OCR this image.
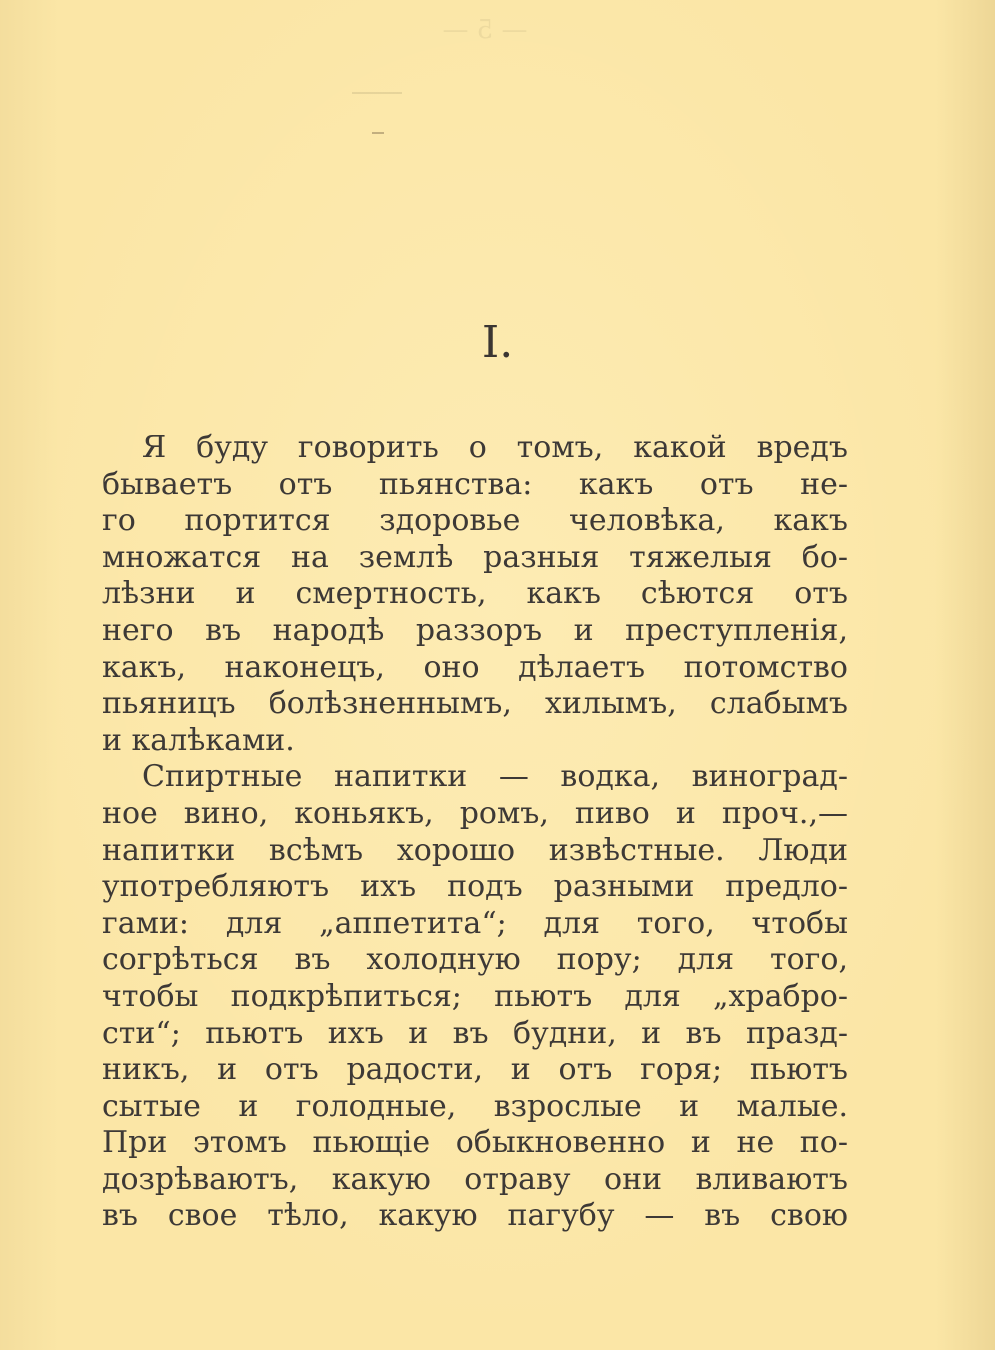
— 5 —
I.
Я буду говорить о томъ, какой вредъ
бываетъ отъ пьянства: какъ отъ не-
го портится здоровье человѣка, какъ
множатся на землѣ разныя тяжелыя бо-
лѣзни и смертность, какъ сѣются отъ
него въ народѣ раззоръ и преступленія,
какъ, наконецъ, оно дѣлаетъ потомство
пьяницъ болѣзненнымъ, хилымъ, слабымъ
и калѣками.
Спиртные напитки — водка, виноград-
ное вино, коньякъ, ромъ, пиво и проч.,—
напитки всѣмъ хорошо извѣстные. Люди
употребляютъ ихъ подъ разными предло-
гами: для „аппетита“; для того, чтобы
согрѣться въ холодную пору; для того,
чтобы подкрѣпиться; пьютъ для „храбро-
сти“; пьютъ ихъ и въ будни, и въ празд-
никъ, и отъ радости, и отъ горя; пьютъ
сытые и голодные, взрослые и малые.
При этомъ пьющіе обыкновенно и не по-
дозрѣваютъ, какую отраву они вливаютъ
въ свое тѣло, какую пагубу — въ свою
